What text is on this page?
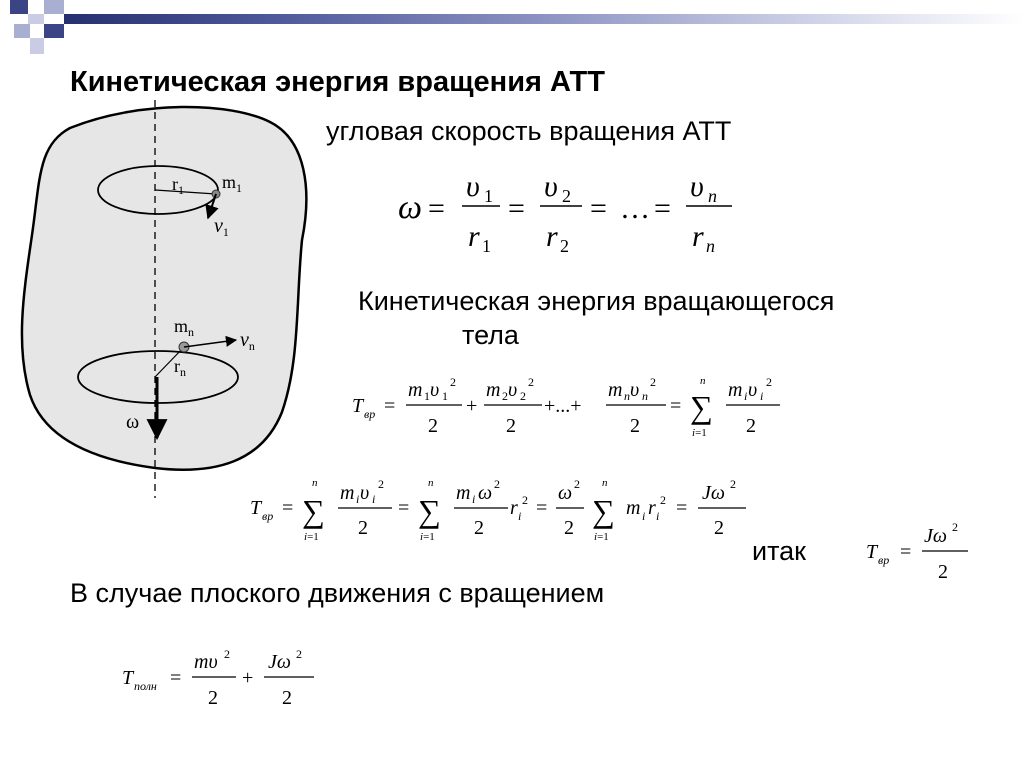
Кинетическая энергия вращения АТТ
угловая скорость вращения АТТ
Кинетическая энергия вращающегося
тела
итак
В случае плоского движения с вращением
$r_1$ $m_1$
$\nu_1$
$m_n$
$r_n$
$\nu_n$
ω
ω =
υ 1
r 1
=
υ 2
r 2
= … =
υ n
r n
T вр =
m 1 υ 1
2
2
+
m 2 υ 2
2
2
+...+
m n υ n
2
2
= ∑
n
i=1
m i υ i
2
2
T вр = ∑
n
i=1
m i υ i
2
2
= ∑
n
i=1
m i ω 2
2
r i
2 =
ω 2
2 ∑
n
i=1
m i r i
2 =
Jω 2
2
T вр =
Jω 2
2
T полн =
mυ 2
2
+
Jω 2
2
